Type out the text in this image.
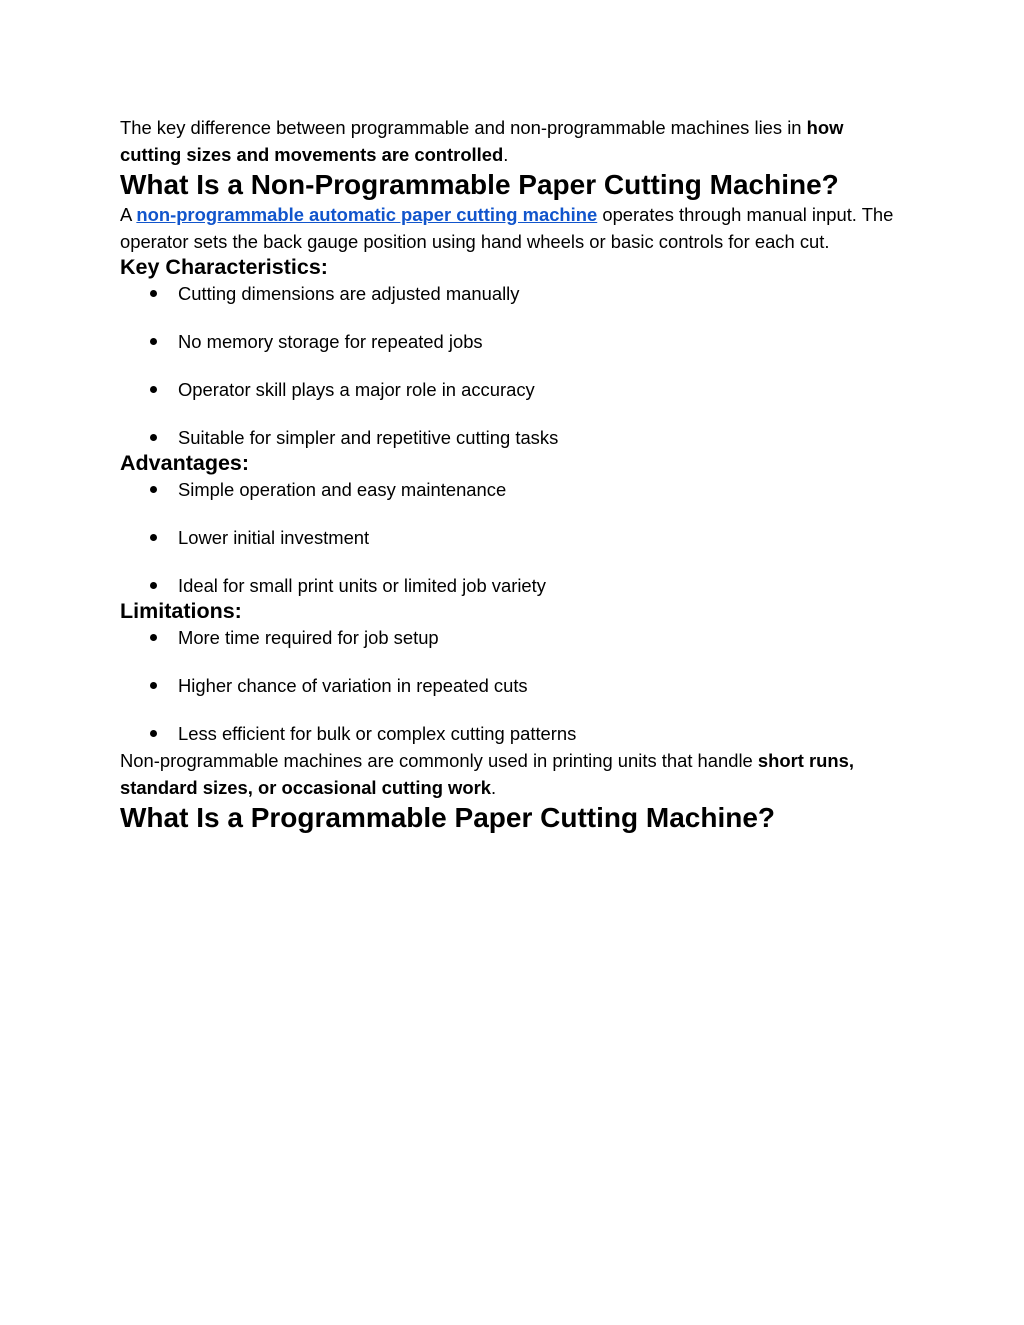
The key difference between programmable and non-programmable machines lies in how
cutting sizes and movements are controlled.

What Is a Non-Programmable Paper Cutting Machine?

A non-programmable automatic paper cutting machine operates through manual input. The
operator sets the back gauge position using hand wheels or basic controls for each cut.

Key Characteristics:
Cutting dimensions are adjusted manually
No memory storage for repeated jobs
Operator skill plays a major role in accuracy
Suitable for simpler and repetitive cutting tasks
Advantages:
Simple operation and easy maintenance
Lower initial investment
Ideal for small print units or limited job variety
Limitations:
More time required for job setup
Higher chance of variation in repeated cuts
Less efficient for bulk or complex cutting patterns

Non-programmable machines are commonly used in printing units that handle short runs,
standard sizes, or occasional cutting work.

What Is a Programmable Paper Cutting Machine?
